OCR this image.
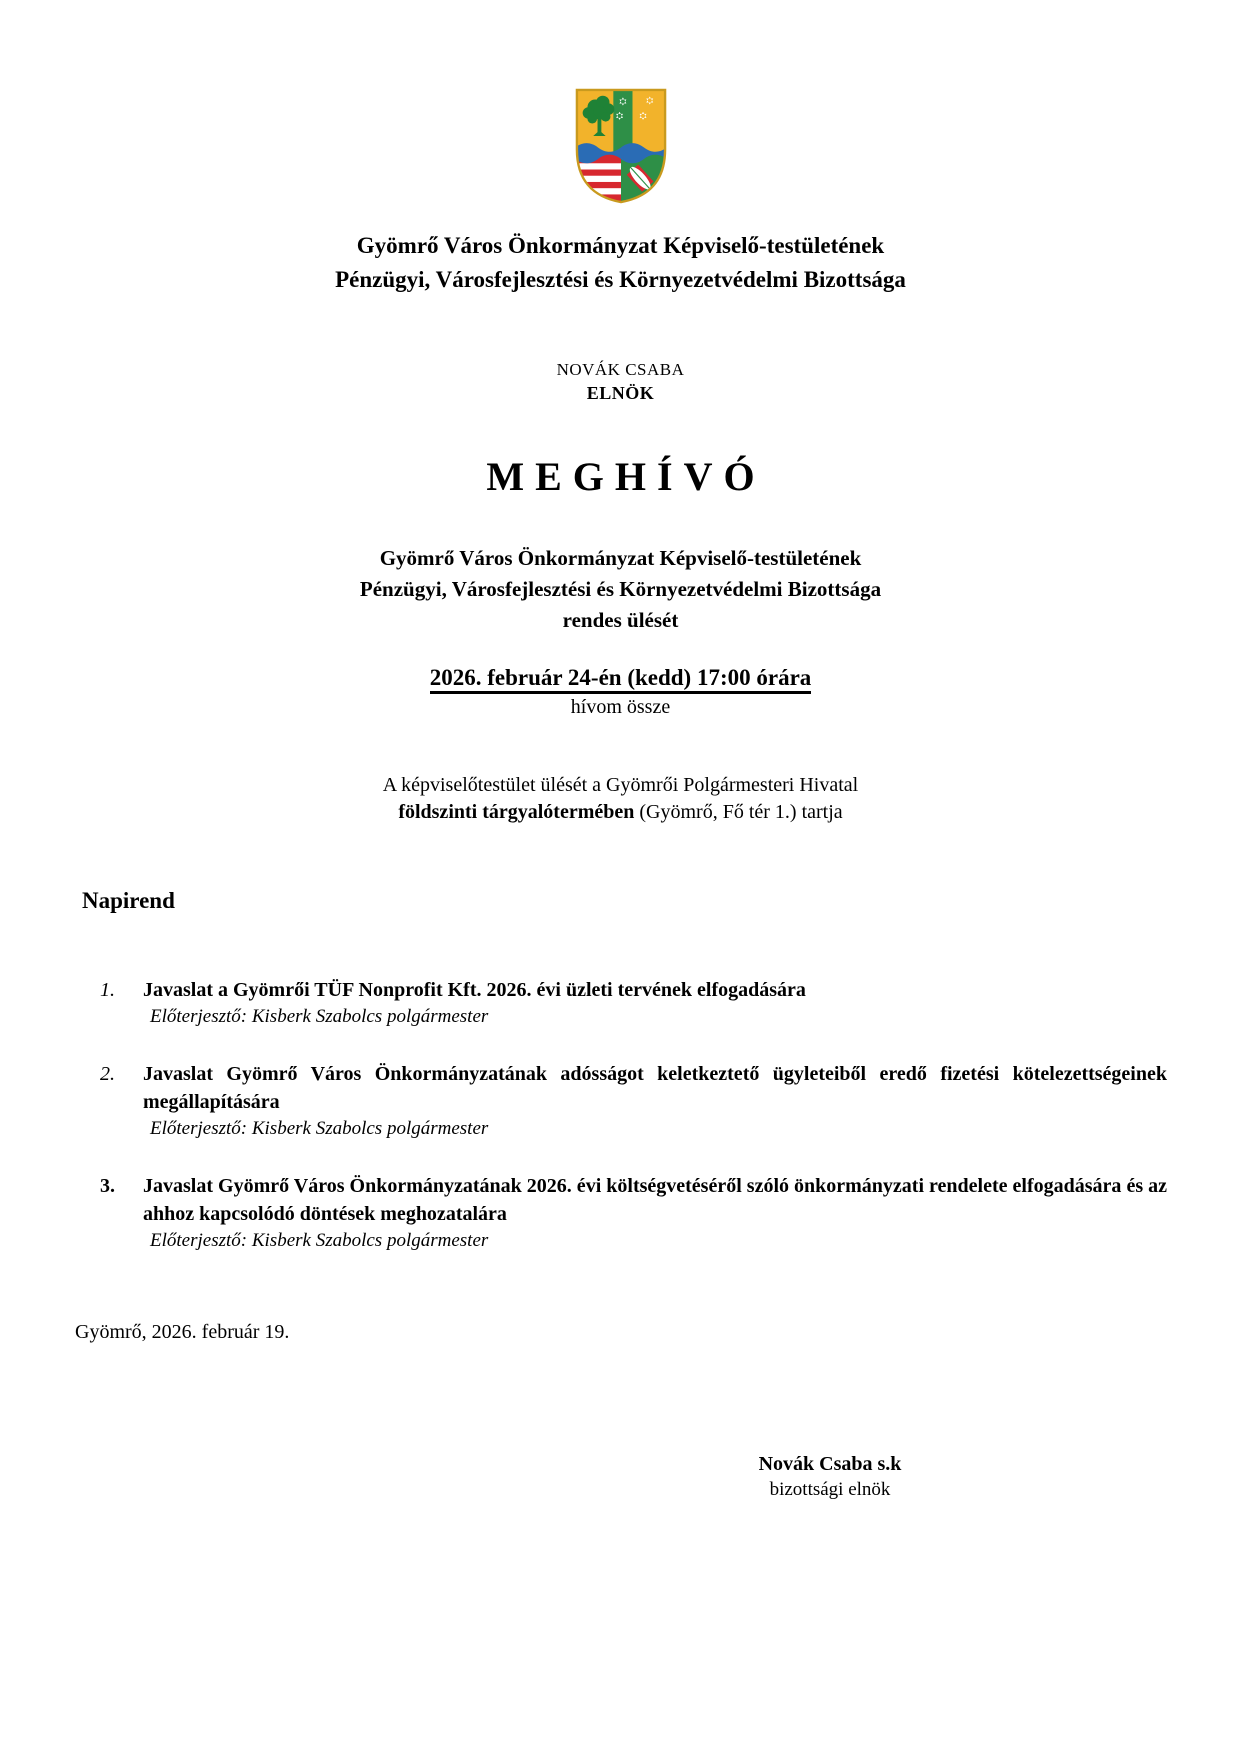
Gyömrő Város Önkormányzat Képviselő-testületének
Pénzügyi, Városfejlesztési és Környezetvédelmi Bizottsága
NOVÁK CSABA
ELNÖK
MEGHÍVÓ
Gyömrő Város Önkormányzat Képviselő-testületének
Pénzügyi, Városfejlesztési és Környezetvédelmi Bizottsága
rendes ülését
2026. február 24-én (kedd) 17:00 órára
hívom össze
A képviselőtestület ülését a Gyömrői Polgármesteri Hivatal
földszinti tárgyalótermében (Gyömrő, Fő tér 1.) tartja
Napirend
1.	Javaslat a Gyömrői TÜF Nonprofit Kft. 2026. évi üzleti tervének elfogadására
Előterjesztő: Kisberk Szabolcs polgármester
2.	Javaslat Gyömrő Város Önkormányzatának adósságot keletkeztető ügyleteiből eredő fizetési kötelezettségeinek megállapítására
Előterjesztő: Kisberk Szabolcs polgármester
3.	Javaslat Gyömrő Város Önkormányzatának 2026. évi költségvetéséről szóló önkormányzati rendelete elfogadására és az ahhoz kapcsolódó döntések meghozatalára
Előterjesztő: Kisberk Szabolcs polgármester
Gyömrő, 2026. február 19.
Novák Csaba s.k
bizottsági elnök
